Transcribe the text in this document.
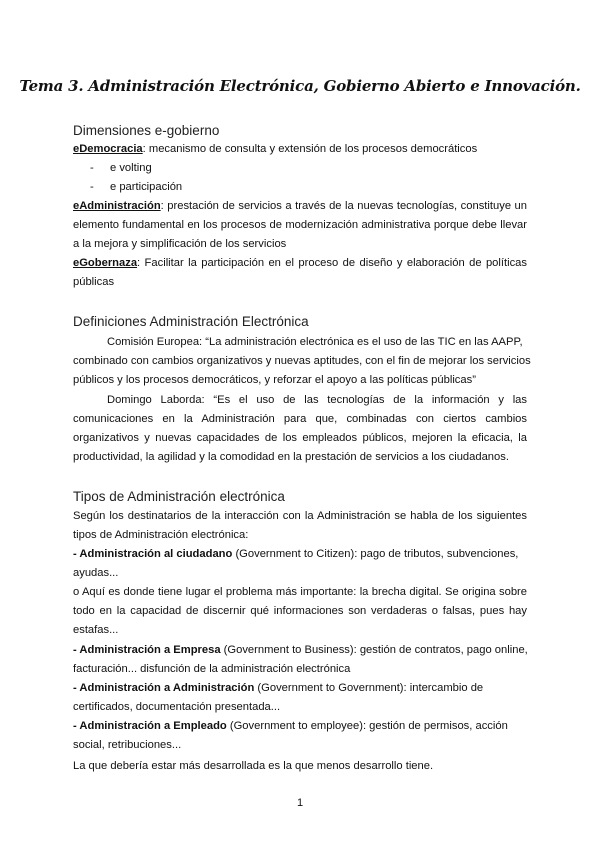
Tema 3. Administración Electrónica, Gobierno Abierto e Innovación.
Dimensiones e-gobierno
eDemocracia: mecanismo de consulta y extensión de los procesos democráticos
- e volting
- e participación
eAdministración: prestación de servicios a través de la nuevas tecnologías, constituye un
elemento fundamental en los procesos de modernización administrativa porque debe llevar
a la mejora y simplificación de los servicios
eGobernaza: Facilitar la participación en el proceso de diseño y elaboración de políticas
públicas
Definiciones Administración Electrónica
Comisión Europea: “La administración electrónica es el uso de las TIC en las AAPP,
combinado con cambios organizativos y nuevas aptitudes, con el fin de mejorar los servicios
públicos y los procesos democráticos, y reforzar el apoyo a las políticas públicas”
Domingo Laborda: “Es el uso de las tecnologías de la información y las
comunicaciones en la Administración para que, combinadas con ciertos cambios
organizativos y nuevas capacidades de los empleados públicos, mejoren la eficacia, la
productividad, la agilidad y la comodidad en la prestación de servicios a los ciudadanos.
Tipos de Administración electrónica
Según los destinatarios de la interacción con la Administración se habla de los siguientes
tipos de Administración electrónica:
- Administración al ciudadano (Government to Citizen): pago de tributos, subvenciones,
ayudas...
o Aquí es donde tiene lugar el problema más importante: la brecha digital. Se origina sobre
todo en la capacidad de discernir qué informaciones son verdaderas o falsas, pues hay
estafas...
- Administración a Empresa (Government to Business): gestión de contratos, pago online,
facturación... disfunción de la administración electrónica
- Administración a Administración (Government to Government): intercambio de
certificados, documentación presentada...
- Administración a Empleado (Government to employee): gestión de permisos, acción
social, retribuciones...
La que debería estar más desarrollada es la que menos desarrollo tiene.
1
